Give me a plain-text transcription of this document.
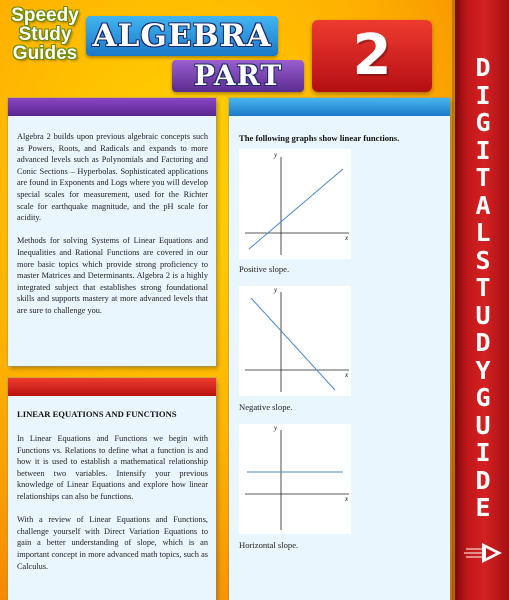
Speedy
Study
Guides ALGEBRA
PART	2	D
I
G
I
T
A
L
S
T
U
D
Y
G
U
I
D
E

Algebra 2 builds upon previous algebraic concepts such as Powers, Roots, and Radicals and expands to more advanced levels such as Polynomials and Factoring and Conic Sections – Hyperbolas. Sophisticated applications are found in Exponents and Logs where you will develop special scales for measurement, used for the Richter scale for earthquake magnitude, and the pH scale for acidity.

Methods for solving Systems of Linear Equations and Inequalities and Rational Functions are covered in our more basic topics which provide strong proficiency to master Matrices and Determinants. Algebra 2 is a highly integrated subject that establishes strong foundational skills and supports mastery at more advanced levels that are sure to challenge you.

LINEAR EQUATIONS AND FUNCTIONS

In Linear Equations and Functions we begin with Functions vs. Relations to define what a function is and how it is used to establish a mathematical relationship between two variables. Intensify your previous knowledge of Linear Equations and explore how linear relationships can also be functions.

With a review of Linear Equations and Functions, challenge yourself with Direct Variation Equations to gain a better understanding of slope, which is an important concept in more advanced math topics, such as Calculus.

The following graphs show linear functions.
y
x
Positive slope.
y
x
Negative slope.
y
x
Horizontal slope.
